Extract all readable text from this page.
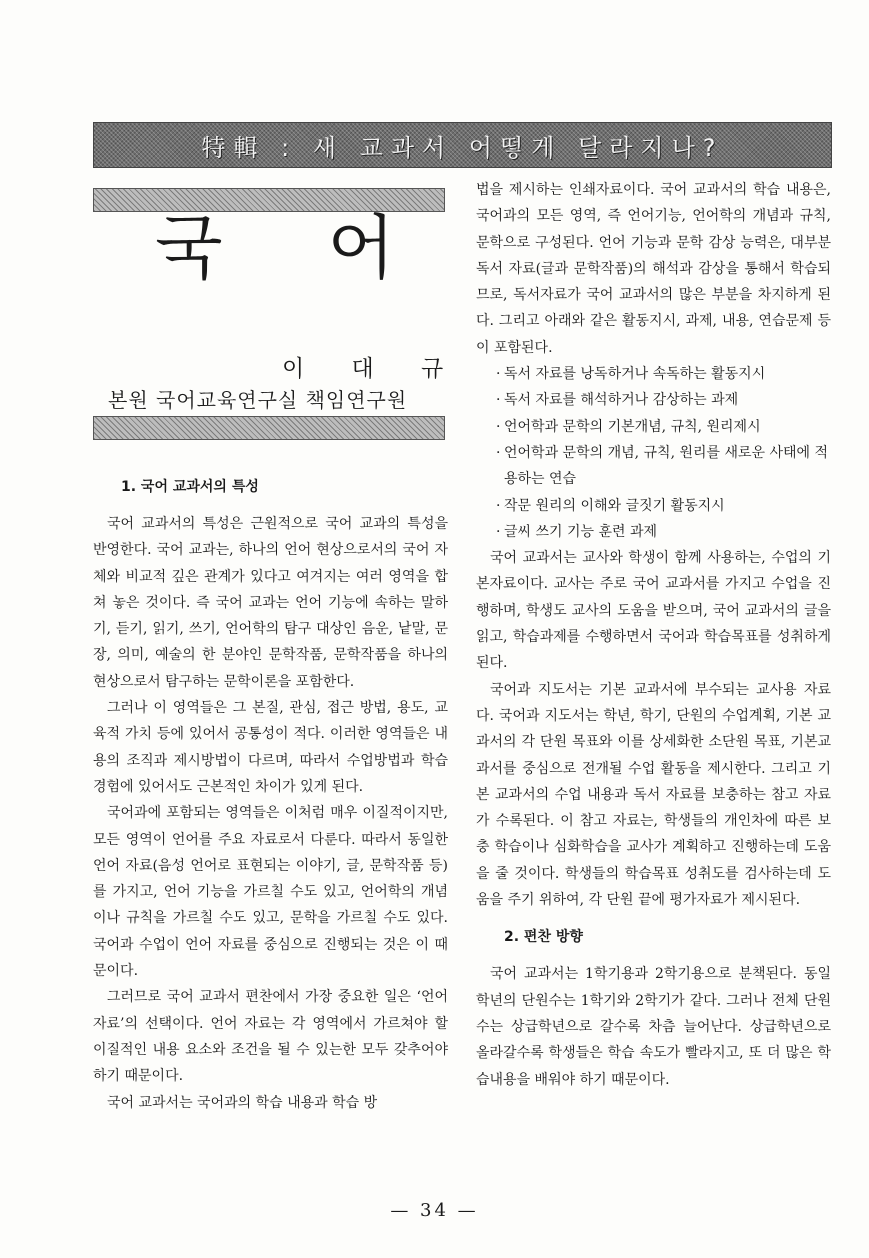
特輯 : 새 교과서 어떻게 달라지나?
국 어
이 대 규
본원 국어교육연구실 책임연구원
1. 국어 교과서의 특성

국어 교과서의 특성은 근원적으로 국어 교과의 특성을 반영한다. 국어 교과는, 하나의 언어 현상으로서의 국어 자체와 비교적 깊은 관계가 있다고 여겨지는 여러 영역을 합쳐 놓은 것이다. 즉 국어 교과는 언어 기능에 속하는 말하기, 듣기, 읽기, 쓰기, 언어학의 탐구 대상인 음운, 낱말, 문장, 의미, 예술의 한 분야인 문학작품, 문학작품을 하나의 현상으로서 탐구하는 문학이론을 포함한다.

그러나 이 영역들은 그 본질, 관심, 접근 방법, 용도, 교육적 가치 등에 있어서 공통성이 적다. 이러한 영역들은 내용의 조직과 제시방법이 다르며, 따라서 수업방법과 학습 경험에 있어서도 근본적인 차이가 있게 된다.

국어과에 포함되는 영역들은 이처럼 매우 이질적이지만, 모든 영역이 언어를 주요 자료로서 다룬다. 따라서 동일한 언어 자료(음성 언어로 표현되는 이야기, 글, 문학작품 등)를 가지고, 언어 기능을 가르칠 수도 있고, 언어학의 개념이나 규칙을 가르칠 수도 있고, 문학을 가르칠 수도 있다. 국어과 수업이 언어 자료를 중심으로 진행되는 것은 이 때문이다.

그러므로 국어 교과서 편찬에서 가장 중요한 일은 ‘언어 자료’의 선택이다. 언어 자료는 각 영역에서 가르쳐야 할 이질적인 내용 요소와 조건을 될 수 있는한 모두 갖추어야 하기 때문이다.

국어 교과서는 국어과의 학습 내용과 학습 방

법을 제시하는 인쇄자료이다. 국어 교과서의 학습 내용은, 국어과의 모든 영역, 즉 언어기능, 언어학의 개념과 규칙, 문학으로 구성된다. 언어 기능과 문학 감상 능력은, 대부분 독서 자료(글과 문학작품)의 해석과 감상을 통해서 학습되므로, 독서자료가 국어 교과서의 많은 부분을 차지하게 된다. 그리고 아래와 같은 활동지시, 과제, 내용, 연습문제 등이 포함된다.

· 독서 자료를 낭독하거나 속독하는 활동지시
· 독서 자료를 해석하거나 감상하는 과제
· 언어학과 문학의 기본개념, 규칙, 원리제시
· 언어학과 문학의 개념, 규칙, 원리를 새로운 사태에 적용하는 연습
· 작문 원리의 이해와 글짓기 활동지시
· 글씨 쓰기 기능 훈련 과제

국어 교과서는 교사와 학생이 함께 사용하는, 수업의 기본자료이다. 교사는 주로 국어 교과서를 가지고 수업을 진행하며, 학생도 교사의 도움을 받으며, 국어 교과서의 글을 읽고, 학습과제를 수행하면서 국어과 학습목표를 성취하게 된다.

국어과 지도서는 기본 교과서에 부수되는 교사용 자료다. 국어과 지도서는 학년, 학기, 단원의 수업계획, 기본 교과서의 각 단원 목표와 이를 상세화한 소단원 목표, 기본교과서를 중심으로 전개될 수업 활동을 제시한다. 그리고 기본 교과서의 수업 내용과 독서 자료를 보충하는 참고 자료가 수록된다. 이 참고 자료는, 학생들의 개인차에 따른 보충 학습이나 심화학습을 교사가 계획하고 진행하는데 도움을 줄 것이다. 학생들의 학습목표 성취도를 검사하는데 도움을 주기 위하여, 각 단원 끝에 평가자료가 제시된다.

2. 편찬 방향

국어 교과서는 1학기용과 2학기용으로 분책된다. 동일 학년의 단원수는 1학기와 2학기가 같다. 그러나 전체 단원수는 상급학년으로 갈수록 차츰 늘어난다. 상급학년으로 올라갈수록 학생들은 학습 속도가 빨라지고, 또 더 많은 학습내용을 배워야 하기 때문이다.

— 34 —
